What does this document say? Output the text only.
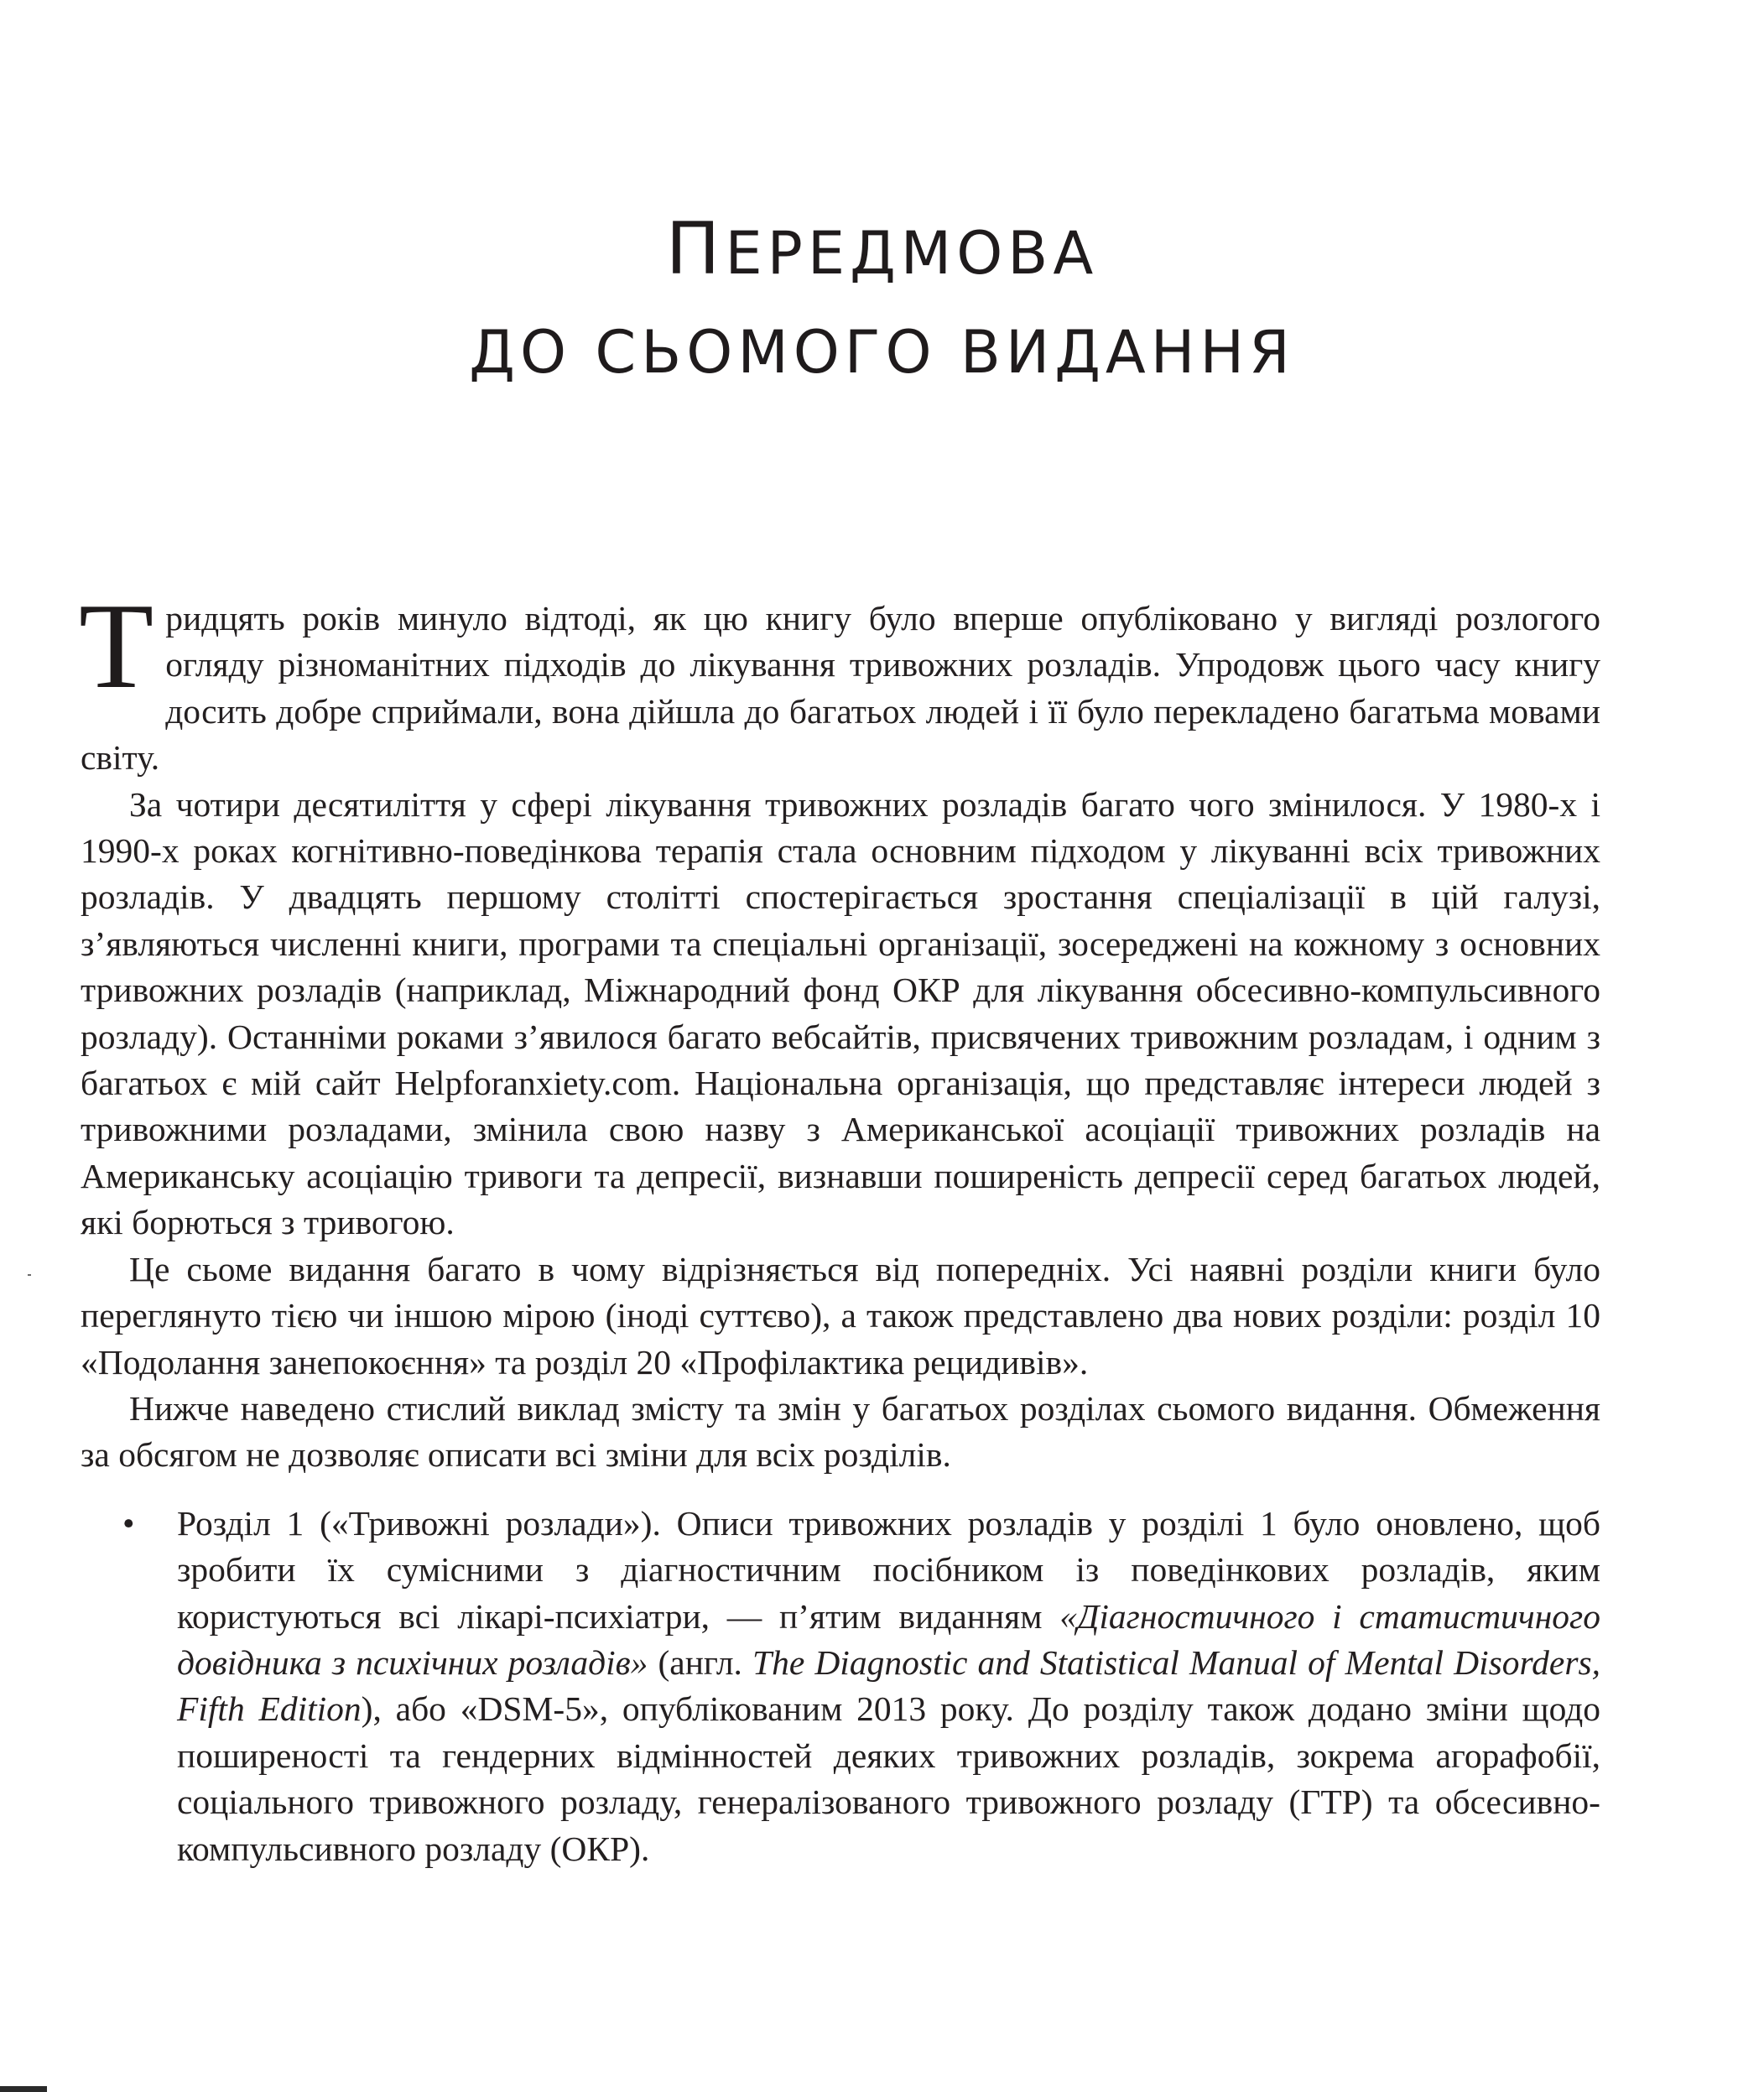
ПЕРЕДМОВА
ДО СЬОМОГО ВИДАННЯ

Тридцять років минуло відтоді, як цю книгу було вперше опубліковано у вигляді розлогого огляду різноманітних підходів до лікування тривожних розладів. Упродовж цього часу книгу досить добре сприймали, вона дійшла до багатьох людей і її було перекладено багатьма мовами світу.

За чотири десятиліття у сфері лікування тривожних розладів багато чого змінилося. У 1980-х і 1990-х роках когнітивно-поведінкова терапія стала основним підходом у лікуванні всіх тривожних розладів. У двадцять першому столітті спостерігається зростання спеціалізації в цій галузі, з’являються численні книги, програми та спеціальні організації, зосереджені на кожному з основних тривожних розладів (наприклад, Міжнародний фонд ОКР для лікування обсесивно-компульсивного розладу). Останніми роками з’явилося багато вебсайтів, присвячених тривожним розладам, і одним з багатьох є мій сайт Helpforanxiety.com. Національна організація, що представляє інтереси людей з тривожними розладами, змінила свою назву з Американської асоціації тривожних розладів на Американську асоціацію тривоги та депресії, визнавши поширеність депресії серед багатьох людей, які борються з тривогою.

Це сьоме видання багато в чому відрізняється від попередніх. Усі наявні розділи книги було переглянуто тією чи іншою мірою (іноді суттєво), а також представлено два нових розділи: розділ 10 «Подолання занепокоєння» та розділ 20 «Профілактика рецидивів».

Нижче наведено стислий виклад змісту та змін у багатьох розділах сьомого видання. Обмеження за обсягом не дозволяє описати всі зміни для всіх розділів.

• Розділ 1 («Тривожні розлади»). Описи тривожних розладів у розділі 1 було оновлено, щоб зробити їх сумісними з діагностичним посібником із поведінкових розладів, яким користуються всі лікарі-психіатри, — п’ятим виданням «Діагностичного і статистичного довідника з психічних розладів» (англ. The Diagnostic and Statistical Manual of Mental Disorders, Fifth Edition), або «DSM-5», опублікованим 2013 року. До розділу також додано зміни щодо поширеності та гендерних відмінностей деяких тривожних розладів, зокрема агорафобії, соціального тривожного розладу, генералізованого тривожного розладу (ГТР) та обсесивно-компульсивного розладу (ОКР).
